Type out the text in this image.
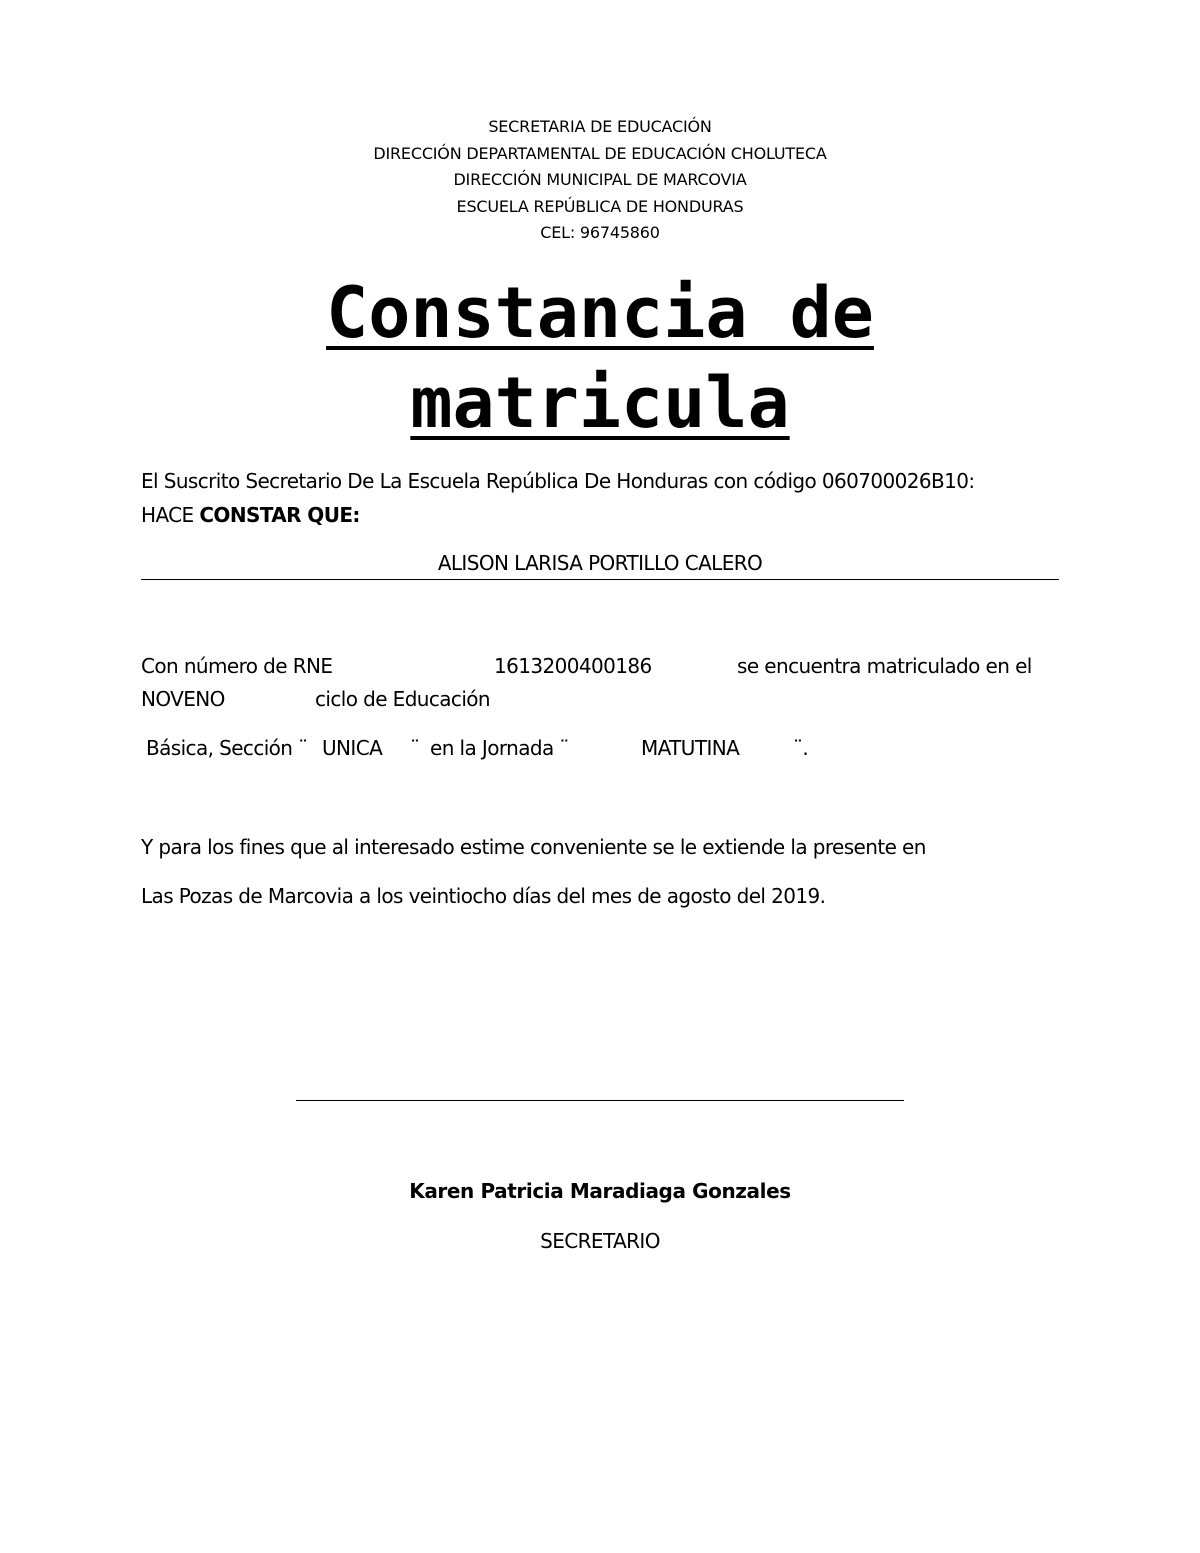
SECRETARIA DE EDUCACIÓN
DIRECCIÓN DEPARTAMENTAL DE EDUCACIÓN CHOLUTECA
DIRECCIÓN MUNICIPAL DE MARCOVIA
ESCUELA REPÚBLICA DE HONDURAS
CEL: 96745860
Constancia de
matricula
El Suscrito Secretario De La Escuela República De Honduras con código 060700026B10:
HACE CONSTAR QUE:
ALISON LARISA PORTILLO CALERO
Con número de RNE	1613200400186	se encuentra matriculado en el
NOVENO	ciclo de Educación
Básica, Sección ¨ UNICA ¨ en la Jornada ¨	MATUTINA	¨.
Y para los fines que al interesado estime conveniente se le extiende la presente en
Las Pozas de Marcovia a los veintiocho días del mes de agosto del 2019.
Karen Patricia Maradiaga Gonzales
SECRETARIO
